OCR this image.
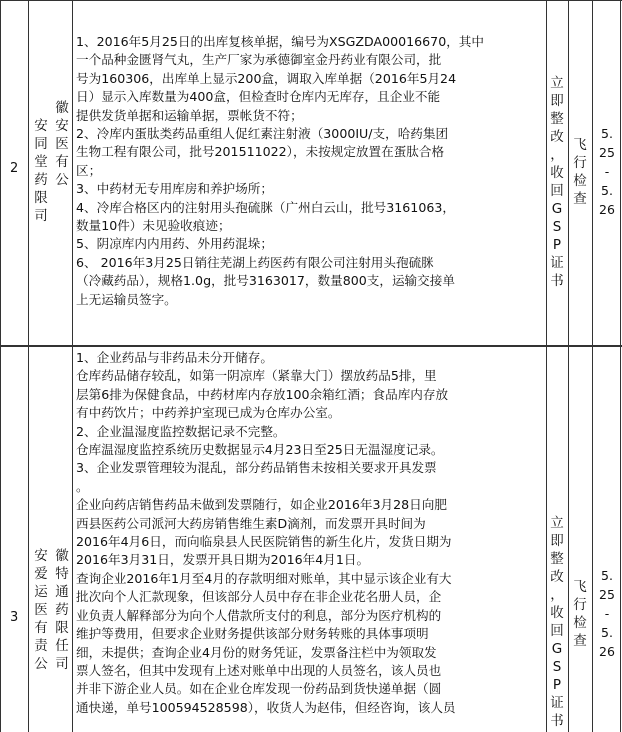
2
安
同
堂
药
限
司
徽
安
医
有
公

1、2016年5月25日的出库复核单据，编号为XSGZDA00016670，其中

一个品种金匮肾气丸，生产厂家为承德御室金丹药业有限公司，批

号为160306，出库单上显示200盒，调取入库单据（2016年5月24

日）显示入库数量为400盒，但检查时仓库内无库存，且企业不能

提供发货单据和运输单据，票帐货不符；

2、冷库内蛋肽类药品重组人促红素注射液（3000IU/支，哈药集团

生物工程有限公司，批号201511022），未按规定放置在蛋肽合格

区；

3、中药材无专用库房和养护场所；

4、冷库合格区内的注射用头孢硫脒（广州白云山，批号3161063，

数量10件）未见验收痕迹；

5、阴凉库内内用药、外用药混垛；

6、 2016年3月25日销往芜湖上药医药有限公司注射用头孢硫脒

（冷藏药品），规格1.0g，批号3163017，数量800支，运输交接单

上无运输员签字。

立
即
整
改
，
收
回
G
S
P
证
书
飞
行
检
查
5.
25
-
5.
26
3
安
爱
运
医
有
责
公
徽
特
通
药
限
任
司

1、企业药品与非药品未分开储存。

仓库药品储存较乱，如第一阴凉库（紧靠大门）摆放药品5排，里

层第6排为保健食品，中药材库内存放100余箱红酒；食品库内存放

有中药饮片；中药养护室现已成为仓库办公室。

2、企业温湿度监控数据记录不完整。

仓库温湿度监控系统历史数据显示4月23日至25日无温湿度记录。

3、企业发票管理较为混乱，部分药品销售未按相关要求开具发票

。

企业向药店销售药品未做到发票随行，如企业2016年3月28日向肥

西县医药公司派河大药房销售维生素D滴剂，而发票开具时间为

2016年4月6日，而向临泉县人民医院销售的新生化片，发货日期为

2016年3月31日，发票开具日期为2016年4月1日。

查询企业2016年1月至4月的存款明细对账单，其中显示该企业有大

批次向个人汇款现象，但该部分人员中存在非企业花名册人员，企

业负责人解释部分为向个人借款所支付的利息，部分为医疗机构的

维护等费用，但要求企业财务提供该部分财务转账的具体事项明

细，未提供；查询企业4月份的财务凭证，发票备注栏中为领取发

票人签名，但其中发现有上述对账单中出现的人员签名，该人员也

并非下游企业人员。如在企业仓库发现一份药品到货快递单据（圆

通快递，单号100594528598），收货人为赵伟，但经咨询，该人员

立
即
整
改
，
收
回
G
S
P
证
书
飞
行
检
查
5.
25
-
5.
26
